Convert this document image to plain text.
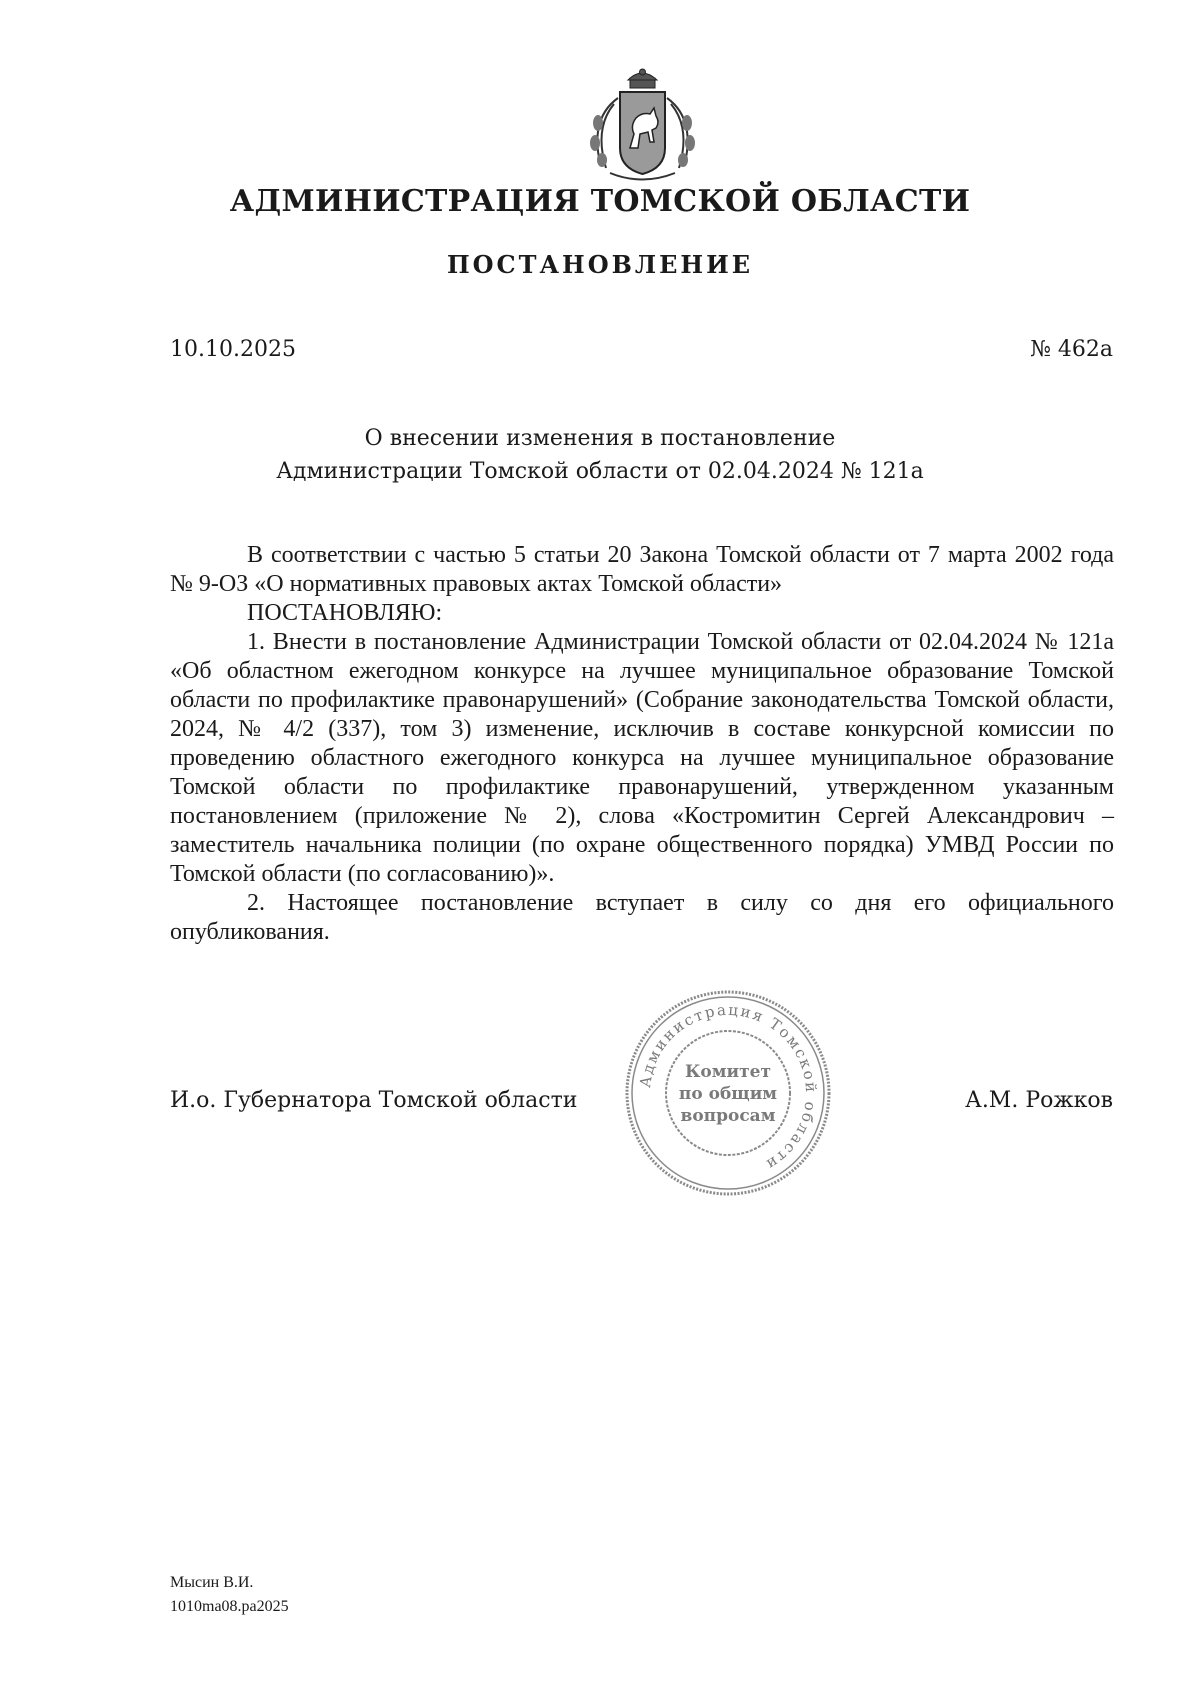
АДМИНИСТРАЦИЯ ТОМСКОЙ ОБЛАСТИ
ПОСТАНОВЛЕНИЕ
10.10.2025	№ 462а
О внесении изменения в постановление
Администрации Томской области от 02.04.2024 № 121а

В соответствии с частью 5 статьи 20 Закона Томской области от 7 марта 2002 года № 9-ОЗ «О нормативных правовых актах Томской области»

ПОСТАНОВЛЯЮ:

1. Внести в постановление Администрации Томской области от 02.04.2024 № 121а «Об областном ежегодном конкурсе на лучшее муниципальное образование Томской области по профилактике правонарушений» (Собрание законодательства Томской области, 2024, № 4/2 (337), том 3) изменение, исключив в составе конкурсной комиссии по проведению областного ежегодного конкурса на лучшее муниципальное образование Томской области по профилактике правонарушений, утвержденном указанным постановлением (приложение № 2), слова «Костромитин Сергей Александрович – заместитель начальника полиции (по охране общественного порядка) УМВД России по Томской области (по согласованию)».

2. Настоящее постановление вступает в силу со дня его официального опубликования.

И.о. Губернатора Томской области	А.М. Рожков
Администрация Томской области
Комитет
по общим
вопросам
Мысин В.И.
1010ma08.pa2025
